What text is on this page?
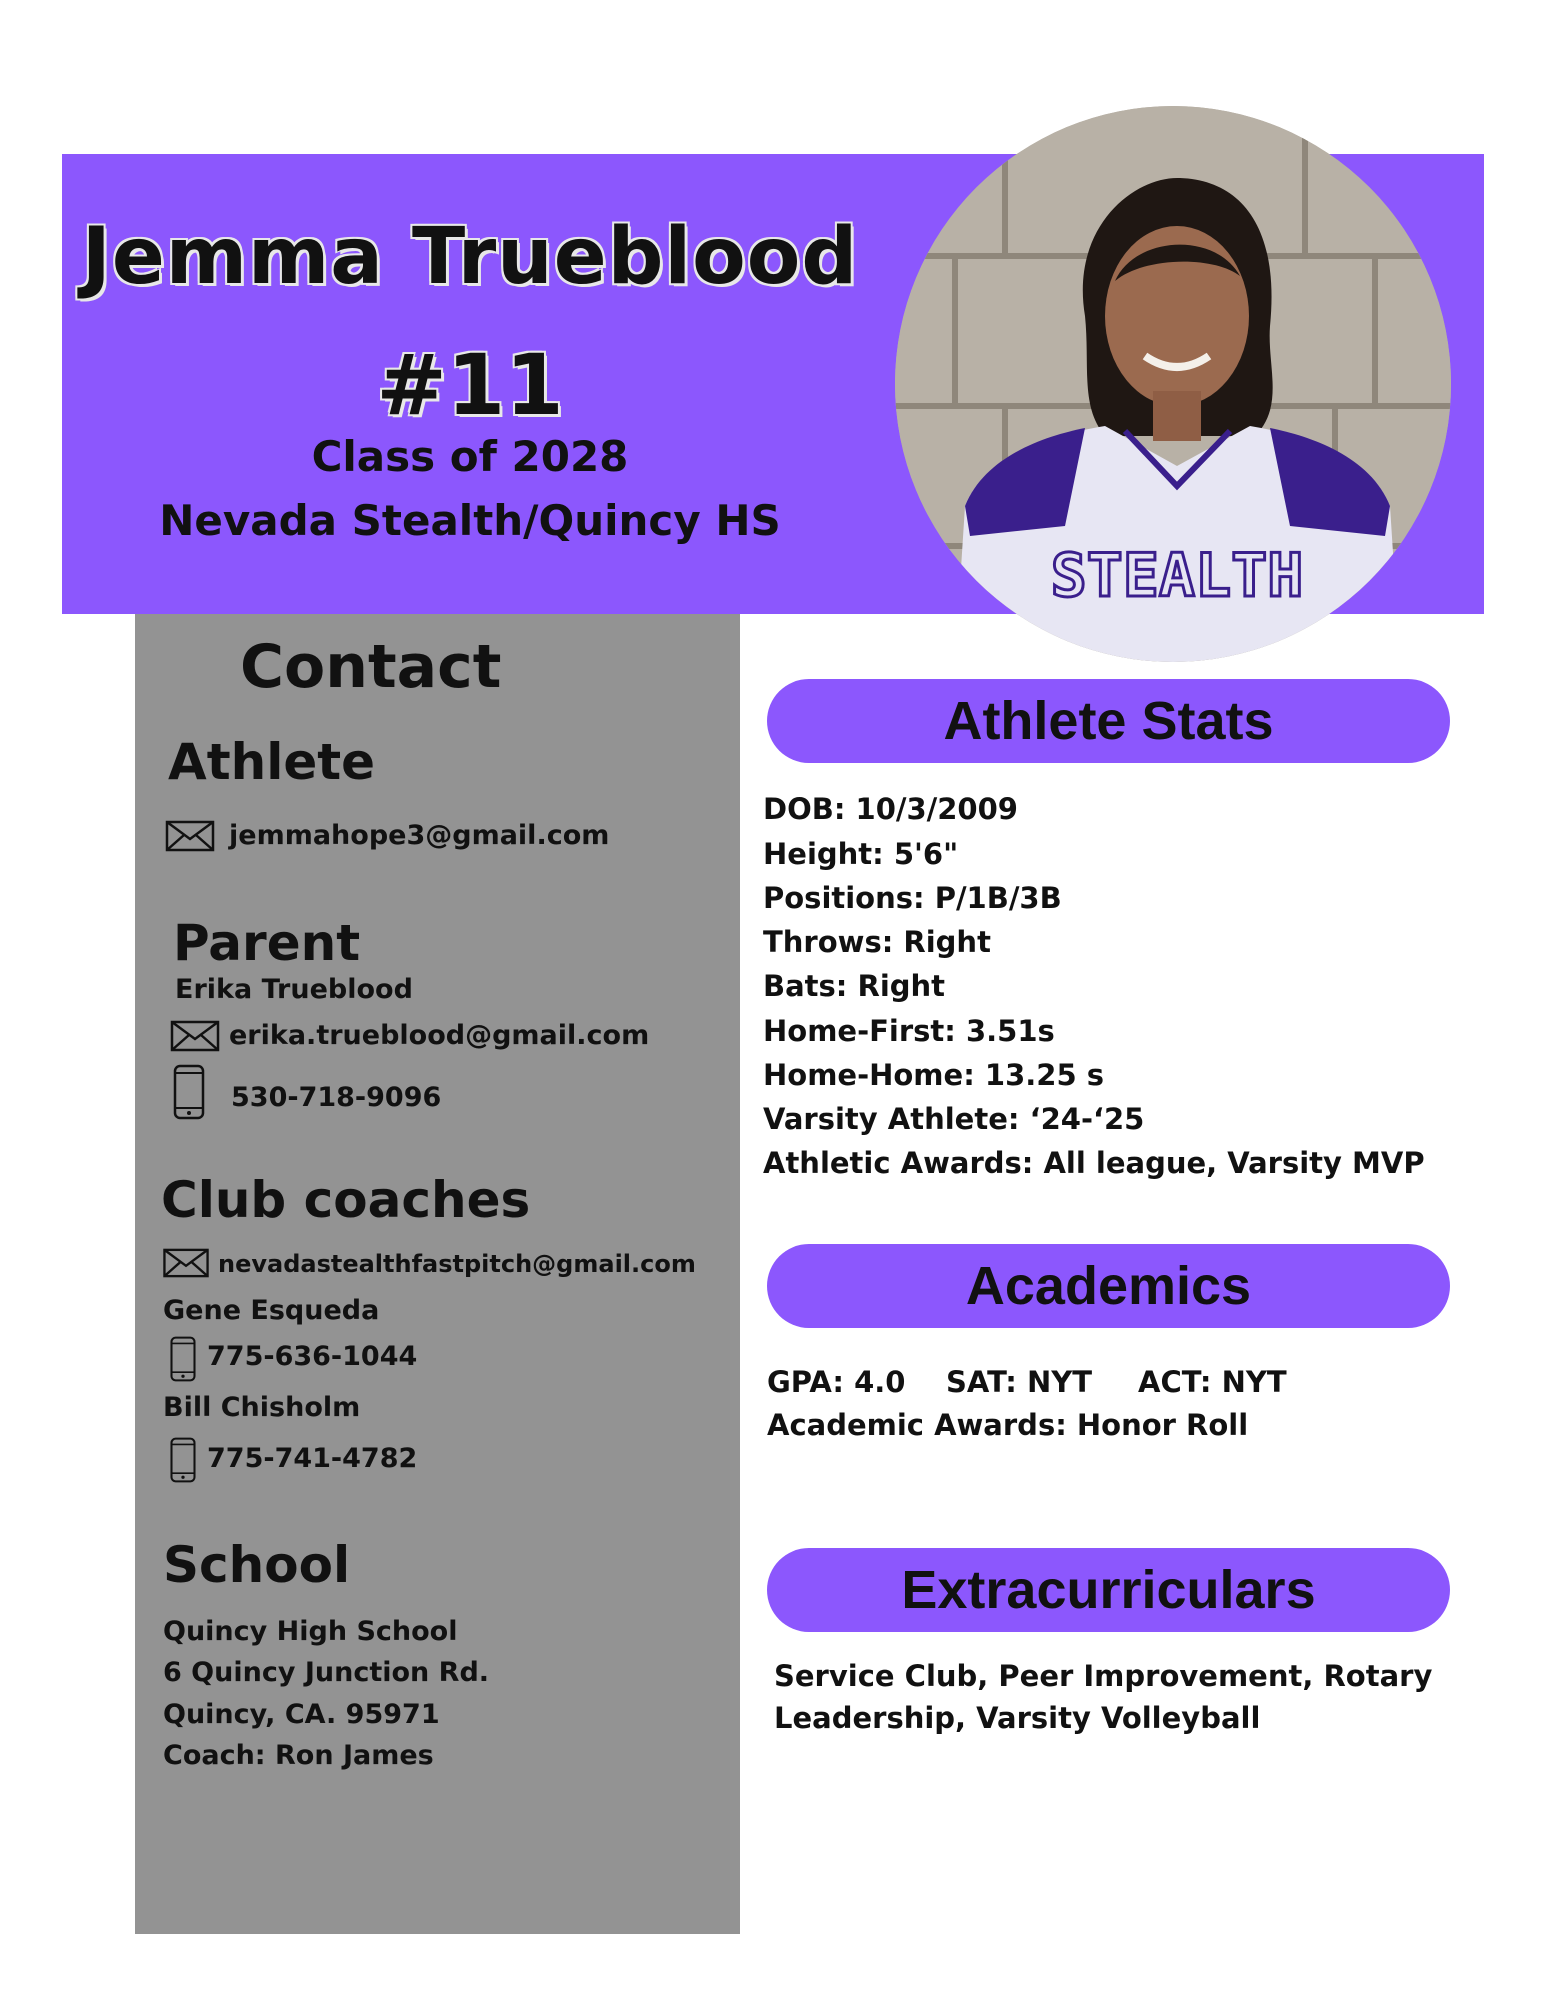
Jemma Trueblood
#11
Class of 2028
Nevada Stealth/Quincy HS
STEALTH
Contact
Athlete
jemmahope3@gmail.com
Parent
Erika Trueblood
erika.trueblood@gmail.com
530-718-9096
Club coaches
nevadastealthfastpitch@gmail.com
Gene Esqueda
775-636-1044
Bill Chisholm
775-741-4782
School
Quincy High School
6 Quincy Junction Rd.
Quincy, CA. 95971
Coach: Ron James
Athlete Stats
DOB: 10/3/2009
Height: 5'6"
Positions: P/1B/3B
Throws: Right
Bats: Right
Home-First: 3.51s
Home-Home: 13.25 s
Varsity Athlete: ‘24-‘25
Athletic Awards: All league, Varsity MVP
Academics
GPA: 4.0 SAT: NYT ACT: NYT
Academic Awards: Honor Roll
Extracurriculars
Service Club, Peer Improvement, Rotary
Leadership, Varsity Volleyball
